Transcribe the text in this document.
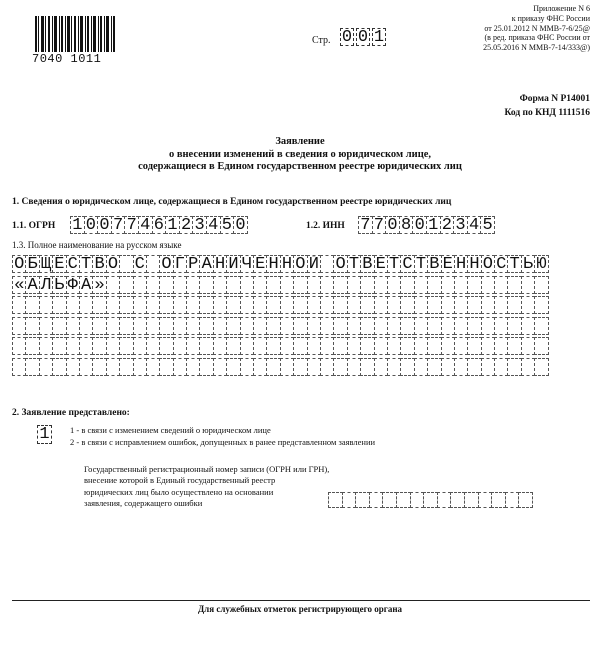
7040 1011
Стр. 0 0 1
Приложение N 6
к приказу ФНС России
от 25.01.2012 N ММВ-7-6/25@
(в ред. приказа ФНС России от
25.05.2016 N ММВ-7-14/333@)
Форма N Р14001
Код по КНД 1111516
Заявление
о внесении изменений в сведения о юридическом лице,
содержащиеся в Едином государственном реестре юридических лиц
1. Сведения о юридическом лице, содержащиеся в Едином государственном реестре юридических лиц
1.1. ОГРН 1 0 0 7 7 4 6 1 2 3 4 5 0	1.2. ИНН 7 7 0 8 0 1 2 3 4 5
1.3. Полное наименование на русском языке
О Б Щ Е С Т В О С О Г Р А Н И Ч Е Н Н О Й О Т В Е Т С Т В Е Н Н О С Т Ь Ю
« А Л Ь Ф А »
2. Заявление представлено:
1 1 - в связи с изменением сведений о юридическом лице
2 - в связи с исправлением ошибок, допущенных в ранее представленном заявлении
Государственный регистрационный номер записи (ОГРН или ГРН),
внесение которой в Единый государственный реестр
юридических лиц было осуществлено на основании
заявления, содержащего ошибки
Для служебных отметок регистрирующего органа
